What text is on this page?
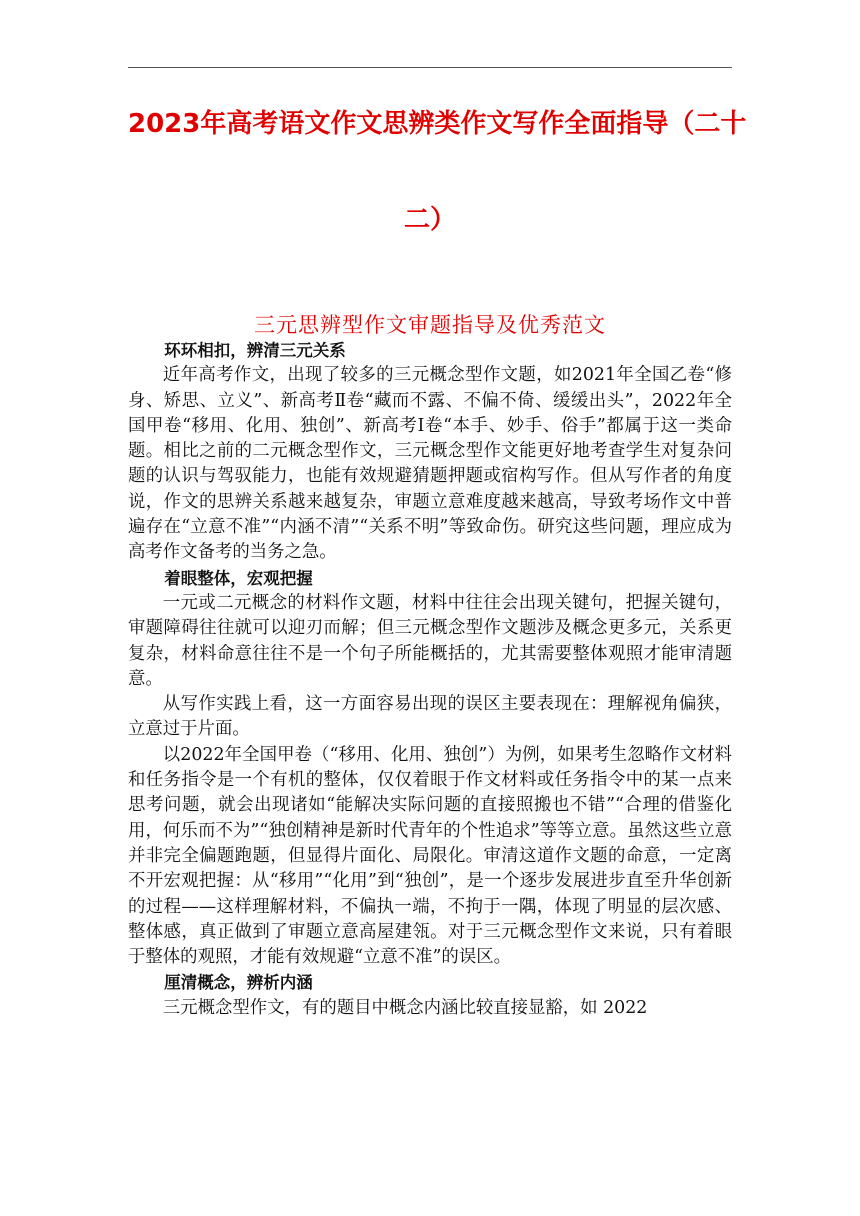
2023年高考语文作文思辨类作文写作全面指导（二十
二）
三元思辨型作文审题指导及优秀范文

环环相扣，辨清三元关系

近年高考作文，出现了较多的三元概念型作文题，如2021年全国乙卷“修身、矫思、立义”、新高考Ⅱ卷“藏而不露、不偏不倚、缓缓出头”，2022年全国甲卷“移用、化用、独创”、新高考Ⅰ卷“本手、妙手、俗手”都属于这一类命题。相比之前的二元概念型作文，三元概念型作文能更好地考查学生对复杂问题的认识与驾驭能力，也能有效规避猜题押题或宿构写作。但从写作者的角度说，作文的思辨关系越来越复杂，审题立意难度越来越高，导致考场作文中普遍存在“立意不准”“内涵不清”“关系不明”等致命伤。研究这些问题，理应成为高考作文备考的当务之急。

着眼整体，宏观把握

一元或二元概念的材料作文题，材料中往往会出现关键句，把握关键句，审题障碍往往就可以迎刃而解；但三元概念型作文题涉及概念更多元，关系更复杂，材料命意往往不是一个句子所能概括的，尤其需要整体观照才能审清题意。

从写作实践上看，这一方面容易出现的误区主要表现在：理解视角偏狭，立意过于片面。

以2022年全国甲卷（“移用、化用、独创”）为例，如果考生忽略作文材料和任务指令是一个有机的整体，仅仅着眼于作文材料或任务指令中的某一点来思考问题，就会出现诸如“能解决实际问题的直接照搬也不错”“合理的借鉴化用，何乐而不为”“独创精神是新时代青年的个性追求”等等立意。虽然这些立意并非完全偏题跑题，但显得片面化、局限化。审清这道作文题的命意，一定离不开宏观把握：从“移用”“化用”到“独创”，是一个逐步发展进步直至升华创新的过程——这样理解材料，不偏执一端，不拘于一隅，体现了明显的层次感、整体感，真正做到了审题立意高屋建瓴。对于三元概念型作文来说，只有着眼于整体的观照，才能有效规避“立意不准”的误区。

厘清概念，辨析内涵

三元概念型作文，有的题目中概念内涵比较直接显豁，如 2022
